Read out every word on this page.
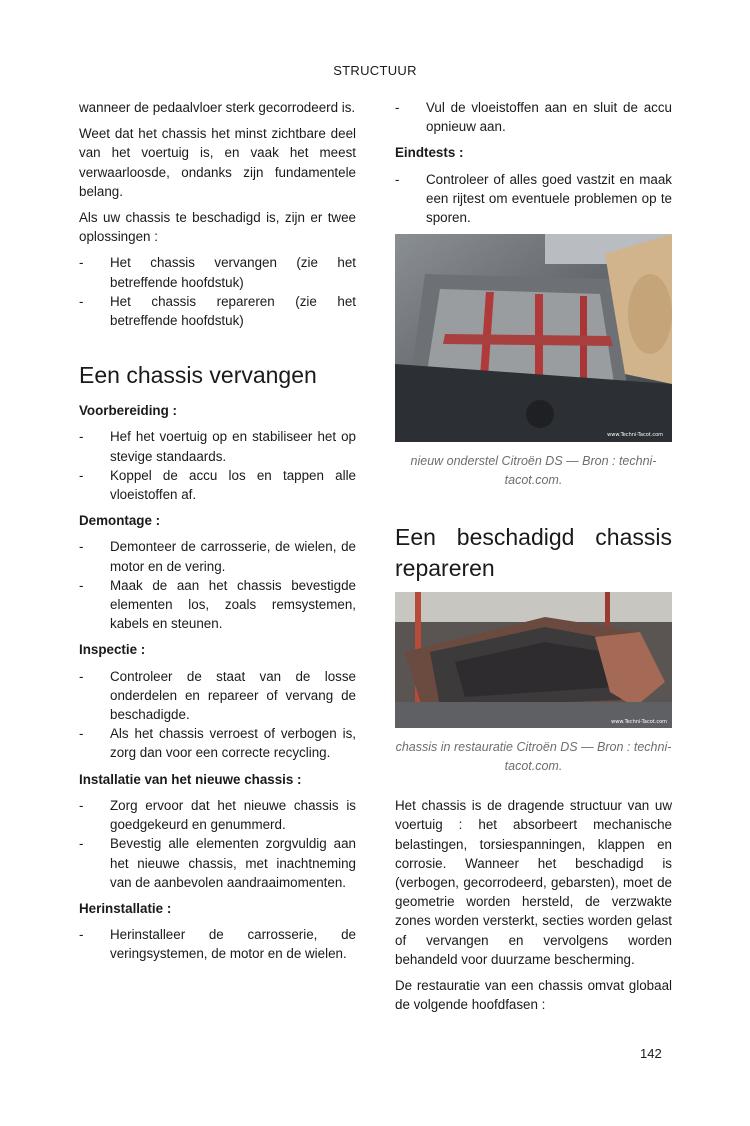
STRUCTUUR

wanneer de pedaalvloer sterk gecorrodeerd is.

Weet dat het chassis het minst zichtbare deel van het voertuig is, en vaak het meest verwaarloosde, ondanks zijn fundamentele belang.

Als uw chassis te beschadigd is, zijn er twee oplossingen :

- Het chassis vervangen (zie het betreffende hoofdstuk)
- Het chassis repareren (zie het betreffende hoofdstuk)
Een chassis vervangen
Voorbereiding :
- Hef het voertuig op en stabiliseer het op stevige standaards.
- Koppel de accu los en tappen alle vloeistoffen af.
Demontage :
- Demonteer de carrosserie, de wielen, de motor en de vering.
- Maak de aan het chassis bevestigde elementen los, zoals remsystemen, kabels en steunen.
Inspectie :
- Controleer de staat van de losse onderdelen en repareer of vervang de beschadigde.
- Als het chassis verroest of verbogen is, zorg dan voor een correcte recycling.
Installatie van het nieuwe chassis :
- Zorg ervoor dat het nieuwe chassis is goedgekeurd en genummerd.
- Bevestig alle elementen zorgvuldig aan het nieuwe chassis, met inachtneming van de aanbevolen aandraaimomenten.
Herinstallatie :
- Herinstalleer de carrosserie, de veringsystemen, de motor en de wielen.
- Vul de vloeistoffen aan en sluit de accu opnieuw aan.
Eindtests :
- Controleer of alles goed vastzit en maak een rijtest om eventuele problemen op te sporen.
www.Techni-Tacot.com
nieuw onderstel Citroën DS — Bron : techni-tacot.com.
Een beschadigd chassis
repareren
www.Techni-Tacot.com
chassis in restauratie Citroën DS — Bron : techni-tacot.com.

Het chassis is de dragende structuur van uw voertuig : het absorbeert mechanische belastingen, torsiespanningen, klappen en corrosie. Wanneer het beschadigd is (verbogen, gecorrodeerd, gebarsten), moet de geometrie worden hersteld, de verzwakte zones worden versterkt, secties worden gelast of vervangen en vervolgens worden behandeld voor duurzame bescherming.

De restauratie van een chassis omvat globaal de volgende hoofdfasen :

142
